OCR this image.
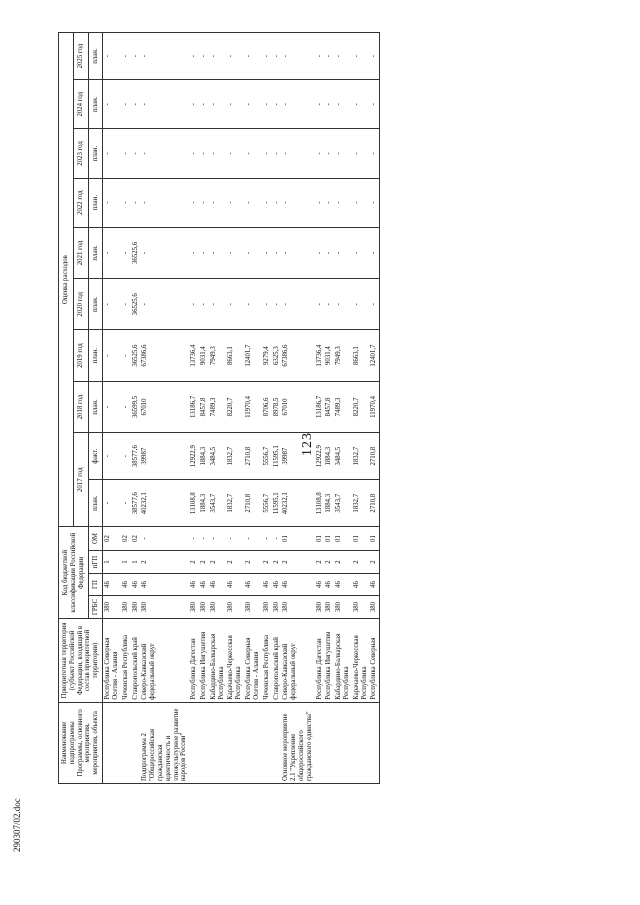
123
290307/02.doc
Наименование подпрограммы Программы, основного мероприятия, мероприятия, объекта	Приоритетная территория (субъект Российской Федерации, входящий в состав приоритетной территории)	Код бюджетной классификации Российской Федерации				Оценка расходов									
						2017 год		2018 год	2019 год	2020 год	2021 год	2022 год	2023 год	2024 год	2025 год
		ГРБС	ГП	пГП	ОМ	план.	факт.	план.	план.	план.	план.	план.	план.	план.	план.
	Республика Северная Осетия - Алания	380	46	1	02	-	-	-	-	-	-	-	-	-	-
	Чеченская Республика	380	46	1	02	-	-	-	-	-	-	-	-	-	-
	Ставропольский край	380	46	1	02	38577,6	38577,6	36599,5	36525,6	36525,6	36525,6	-	-	-	-
Подпрограмма 2 "Общероссийская гражданская идентичность и этнокультурное развитие народов России"	Северо-Кавказский федеральный округ	380	46	2	-	40232,1	39987	67010	67386,6	-	-	-	-	-	-
	Республика Дагестан	380	46	2	-	13108,8	12922,9	13186,7	13736,4	-	-	-	-	-	-
	Республика Ингушетия	380	46	2	-	1884,3	1884,3	8457,8	9031,4	-	-	-	-	-	-
	Кабардино-Балкарская Республика	380	46	2	-	3543,7	3484,5	7489,3	7949,3	-	-	-	-	-	-
	Карачаево-Черкесская Республика	380	46	2	-	1832,7	1832,7	8220,7	8663,1	-	-	-	-	-	-
	Республика Северная Осетия - Алания	380	46	2	-	2710,8	2710,8	11970,4	12401,7	-	-	-	-	-	-
	Чеченская Республика	380	46	2	-	5556,7	5556,7	8706,6	9279,4	-	-	-	-	-	-
	Ставропольский край	380	46	2	-	11595,1	11595,1	8978,5	6325,3	-	-	-	-	-	-
Основное мероприятие 2.1 "Укрепление общероссийского гражданского единства"	Северо-Кавказский федеральный округ	380	46	2	01	40232,1	39987	67010	67386,6	-	-	-	-	-	-
	Республика Дагестан	380	46	2	01	13108,8	12922,9	13186,7	13736,4	-	-	-	-	-	-
	Республика Ингушетия	380	46	2	01	1884,3	1884,3	8457,8	9031,4	-	-	-	-	-	-
	Кабардино-Балкарская Республика	380	46	2	01	3543,7	3484,5	7489,3	7949,3	-	-	-	-	-	-
	Карачаево-Черкесская Республика	380	46	2	01	1832,7	1832,7	8220,7	8663,1	-	-	-	-	-	-
	Республика Северная	380	46	2	01	2710,8	2710,8	11970,4	12401,7	-	-	-	-	-	-
